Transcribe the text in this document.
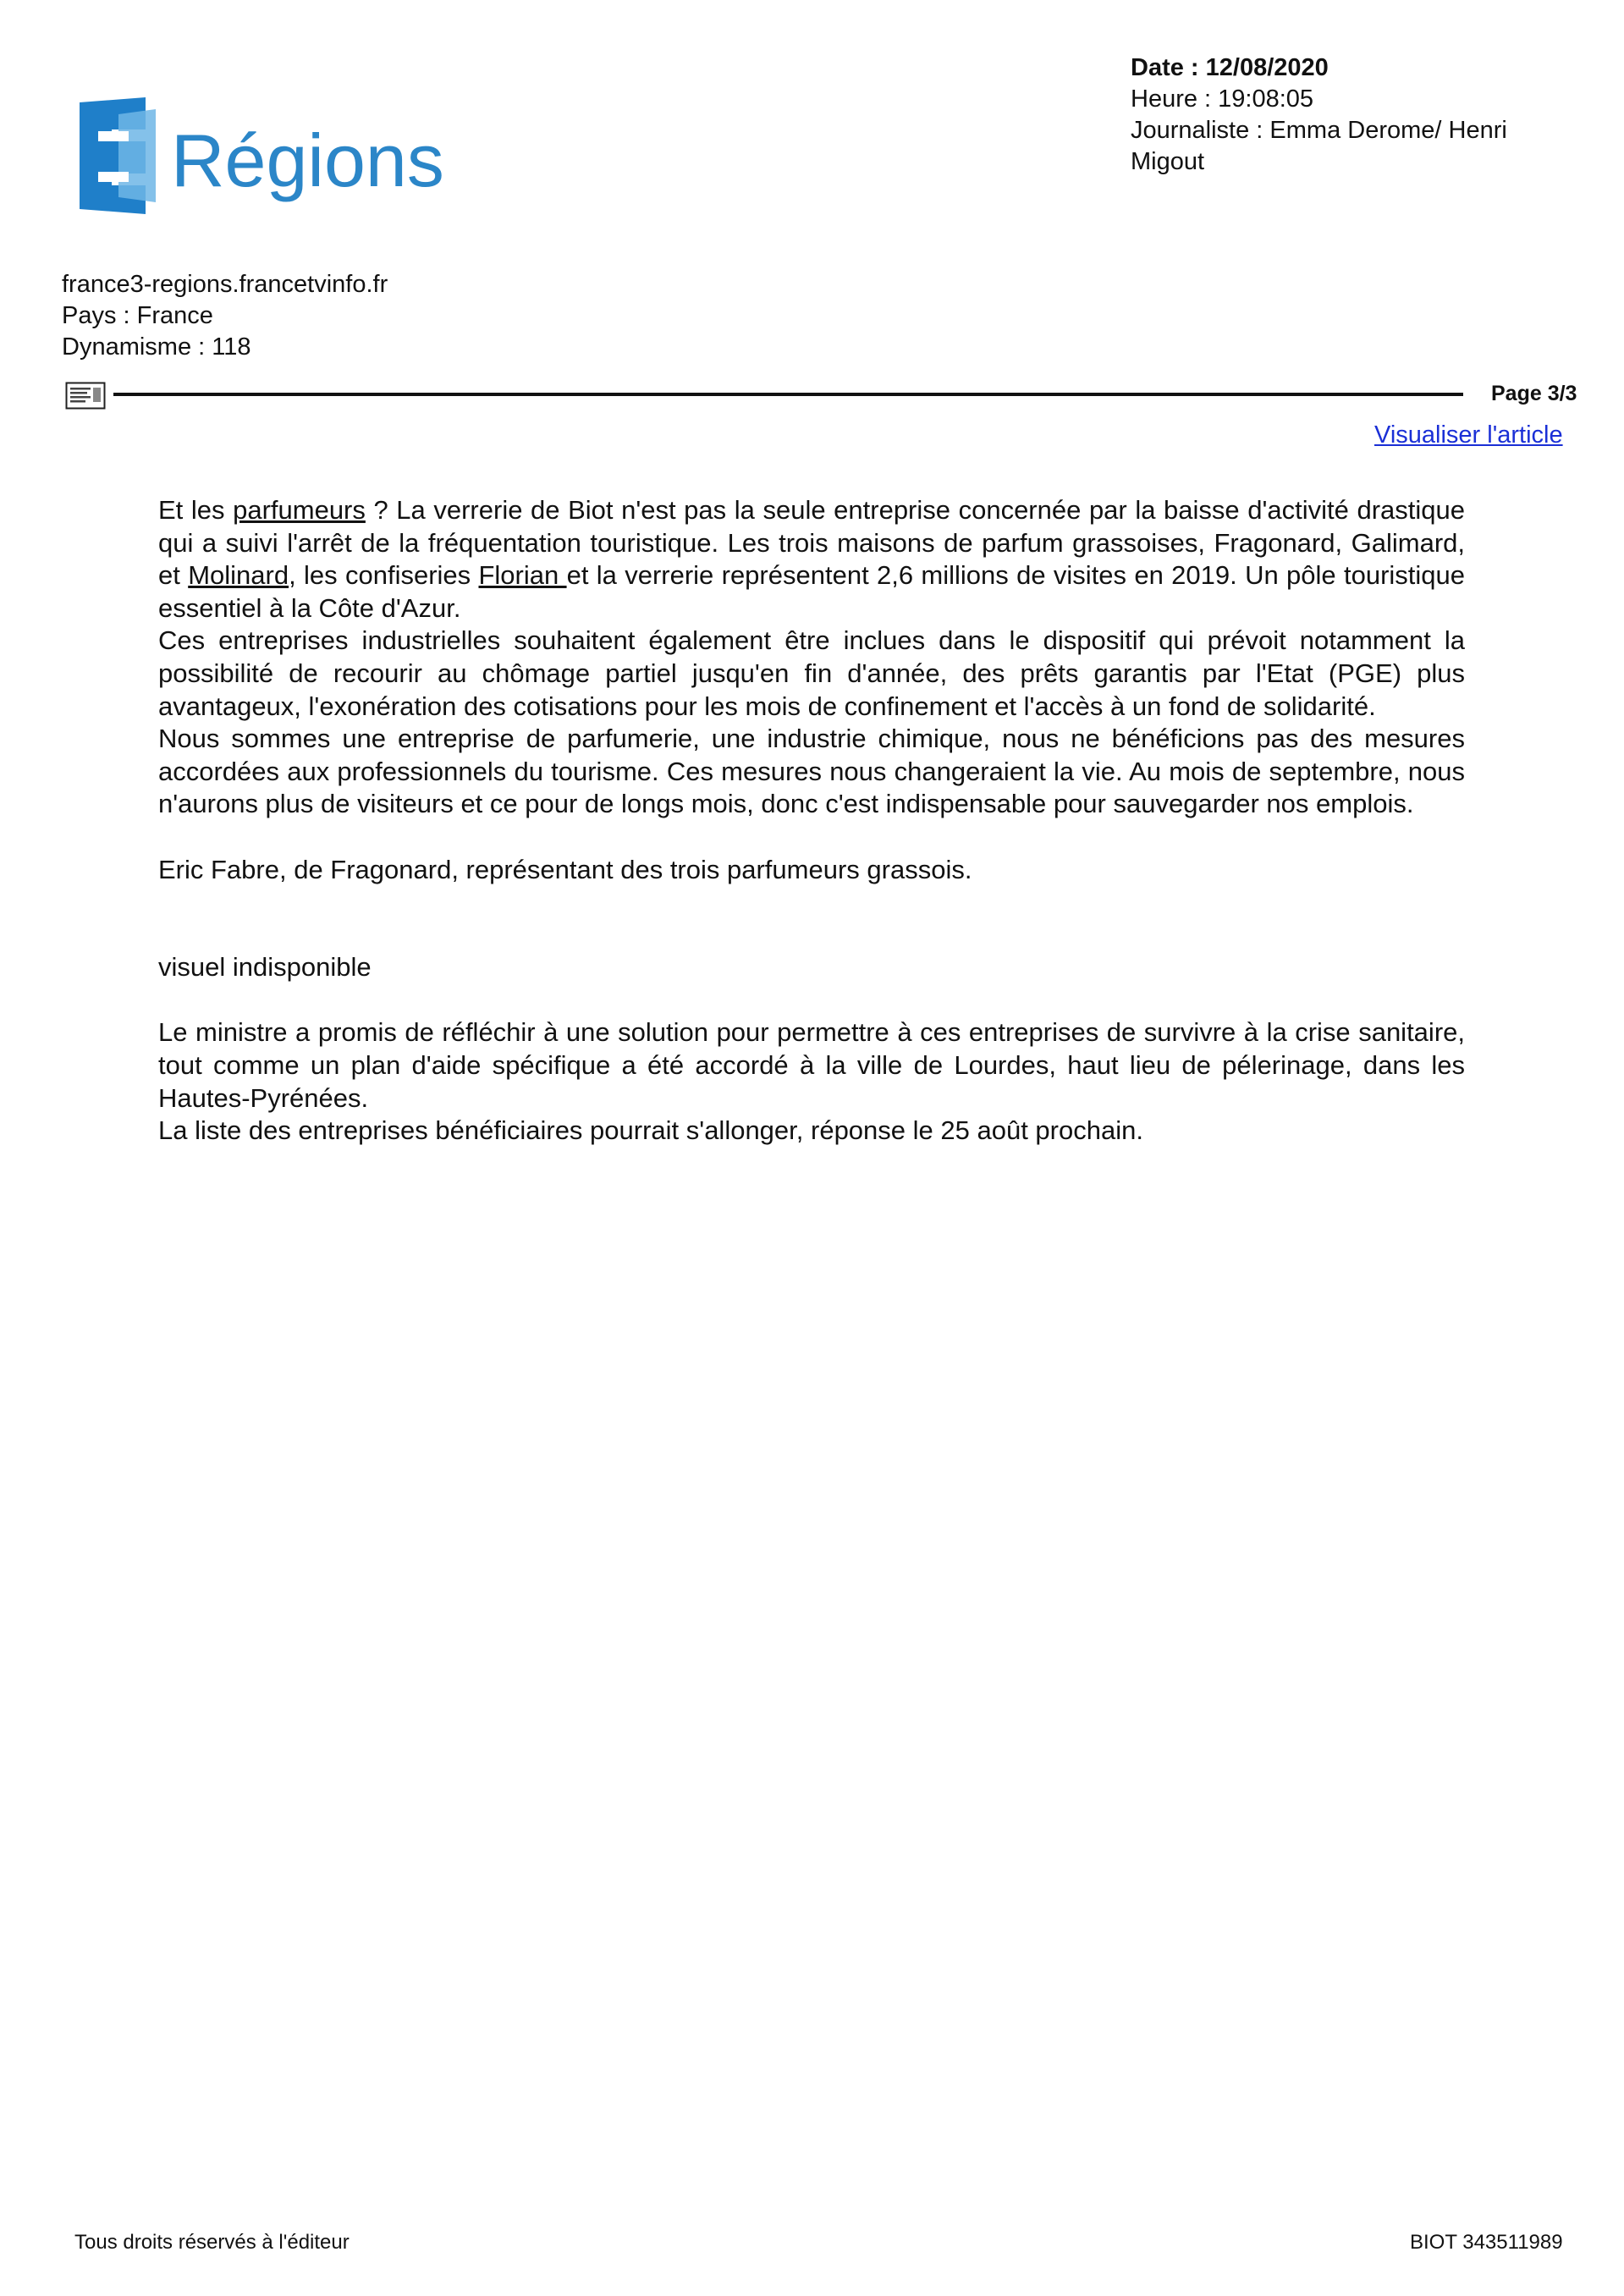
Régions
Date : 12/08/2020
Heure : 19:08:05
Journaliste : Emma Derome/ Henri
Migout
france3-regions.francetvinfo.fr
Pays : France
Dynamisme : 118
Page 3/3
Visualiser l'article

Et les parfumeurs ? La verrerie de Biot n'est pas la seule entreprise concernée par la baisse d'activité drastique qui a suivi l'arrêt de la fréquentation touristique. Les trois maisons de parfum grassoises, Fragonard, Galimard, et Molinard, les confiseries Florian et la verrerie représentent 2,6 millions de visites en 2019. Un pôle touristique essentiel à la Côte d'Azur.

Ces entreprises industrielles souhaitent également être inclues dans le dispositif qui prévoit notamment la possibilité de recourir au chômage partiel jusqu'en fin d'année, des prêts garantis par l'Etat (PGE) plus avantageux, l'exonération des cotisations pour les mois de confinement et l'accès à un fond de solidarité.

Nous sommes une entreprise de parfumerie, une industrie chimique, nous ne bénéficions pas des mesures accordées aux professionnels du tourisme. Ces mesures nous changeraient la vie. Au mois de septembre, nous n'aurons plus de visiteurs et ce pour de longs mois, donc c'est indispensable pour sauvegarder nos emplois.

Eric Fabre, de Fragonard, représentant des trois parfumeurs grassois.

visuel indisponible

Le ministre a promis de réfléchir à une solution pour permettre à ces entreprises de survivre à la crise sanitaire, tout comme un plan d'aide spécifique a été accordé à la ville de Lourdes, haut lieu de pélerinage, dans les Hautes-Pyrénées.

La liste des entreprises bénéficiaires pourrait s'allonger, réponse le 25 août prochain.

Tous droits réservés à l'éditeur	BIOT 343511989
